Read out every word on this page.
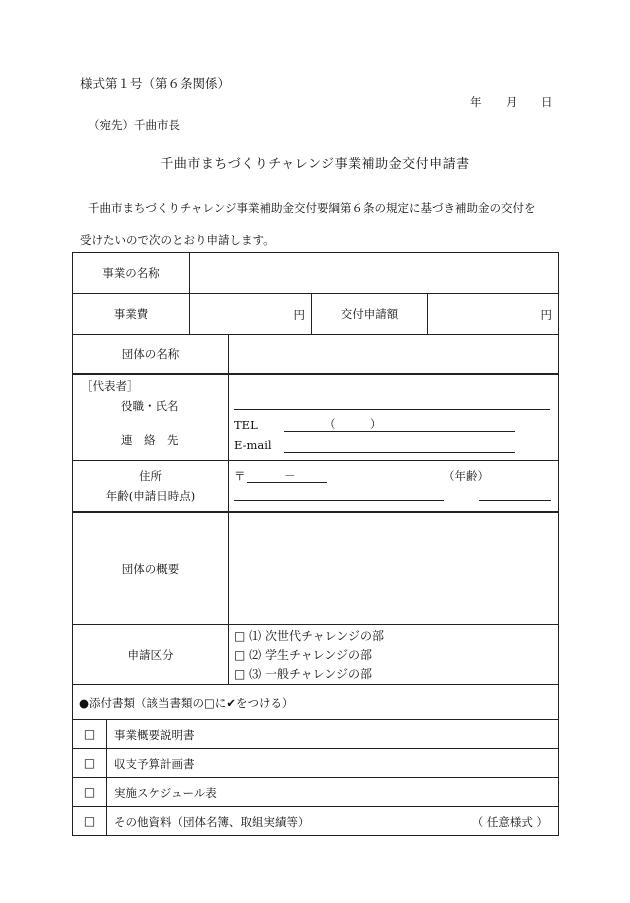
様式第１号（第６条関係）
年 月 日
（宛先）千曲市長
千曲市まちづくりチャレンジ事業補助金交付申請書
千曲市まちづくりチャレンジ事業補助金交付要綱第６条の規定に基づき補助金の交付を
受けたいので次のとおり申請します。
事業の名称
事業費	円	交付申請額	円
団体の名称
［代表者］
役職・氏名
連　絡　先
TEL	（　　　）
E-mail
住所
年齢(申請日時点)
〒	－	（年齢）
団体の概要
申請区分
□ ⑴ 次世代チャレンジの部
□ ⑵ 学生チャレンジの部
□ ⑶ 一般チャレンジの部
●添付書類（該当書類の□に✔をつける）
□	事業概要説明書
□	収支予算計画書
□	実施スケジュール表
□	その他資料（団体名簿、取組実績等）	（ 任意様式 ）
